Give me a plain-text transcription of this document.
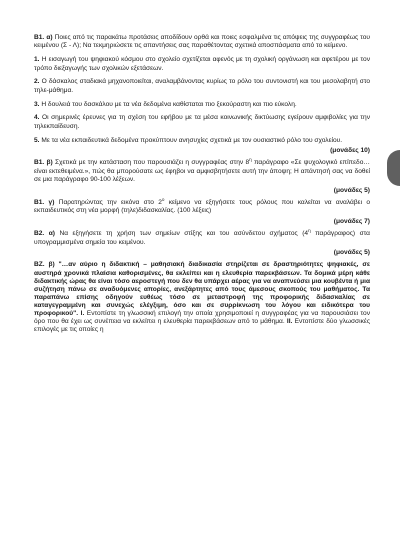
Β1. α) Ποιες από τις παρακάτω προτάσεις αποδίδουν ορθά και ποιες εσφαλμένα τις απόψεις της συγγραφέως του κειμένου (Σ - Λ); Να τεκμηριώσετε τις απαντήσεις σας παραθέτοντας σχετικά αποσπάσματα από το κείμενο.

1. Η εισαγωγή του ψηφιακού κόσμου στο σχολείο σχετίζεται αφενός με τη σχολική οργάνωση και αφετέρου με τον τρόπο διεξαγωγής των σχολικών εξετάσεων.

2. Ο δάσκαλος σταδιακά μηχανοποιείται, αναλαμβάνοντας κυρίως το ρόλο του συντονιστή και του μεσολαβητή στο τηλε-μάθημα.

3. Η δουλειά του δασκάλου με τα νέα δεδομένα καθίσταται πιο ξεκούραστη και πιο εύκολη.

4. Οι σημερινές έρευνες για τη σχέση του εφήβου με τα μέσα κοινωνικής δικτύωσης εγείρουν αμφιβολίες για την τηλεκπαίδευση.

5. Με τα νέα εκπαιδευτικά δεδομένα προκύπτουν ανησυχίες σχετικά με τον ουσιαστικό ρόλο του σχολείου.

(μονάδες 10)

Β1. β) Σχετικά με την κατάσταση που παρουσιάζει η συγγραφέας στην $8^\eta$ παράγραφο «Σε ψυχολογικό επίπεδο… είναι εκτεθειμένα.», πώς θα μπορούσατε ως έφηβοι να αμφισβητήσετε αυτή την άποψη; Η απάντησή σας να δοθεί σε μια παράγραφο 90-100 λέξεων.

(μονάδες 5)

Β1. γ) Παρατηρώντας την εικόνα στο $2^o$ κείμενο να εξηγήσετε τους ρόλους που καλείται να αναλάβει ο εκπαιδευτικός στη νέα μορφή (τηλε)διδασκαλίας. (100 λέξεις)

(μονάδες 7)

Β2. α) Να εξηγήσετε τη χρήση των σημείων στίξης και του ασύνδετου σχήματος ($4^\eta$ παράγραφος) στα υπογραμμισμένα σημεία του κειμένου.

(μονάδες 5)

ΒΖ. β) "…αν αύριο η διδακτική – μαθησιακή διαδικασία στηρίζεται σε δραστηριότητες ψηφιακές, σε αυστηρά χρονικά πλαίσια καθορισμένες, θα εκλείπει και η ελευθερία παρεκβάσεων. Τα δομικά μέρη κάθε διδακτικής ώρας θα είναι τόσο αεροστεγή που δεν θα υπάρχει αέρας για να αναπνεύσει μια κουβέντα ή μια συζήτηση πάνω σε αναδυόμενες απορίες, ανεξάρτητες από τους άμεσους σκοπούς του μαθήματος. Τα παραπάνω επίσης οδηγούν ευθέως τόσο σε μεταστροφή της προφορικής διδασκαλίας σε καταγεγραμμένη και συνεχώς ελέγξιμη, όσο και σε συρρίκνωση του λόγου και ειδικότερα του προφορικού". I. Εντοπίστε τη γλωσσική επιλογή την οποία χρησιμοποιεί η συγγραφέας για να παρουσιάσει τον όρο που θα έχει ως συνέπεια να εκλείπει η ελευθερία παρεκβάσεων από το μάθημα. II. Εντοπίστε δύο γλωσσικές επιλογές με τις οποίες η
